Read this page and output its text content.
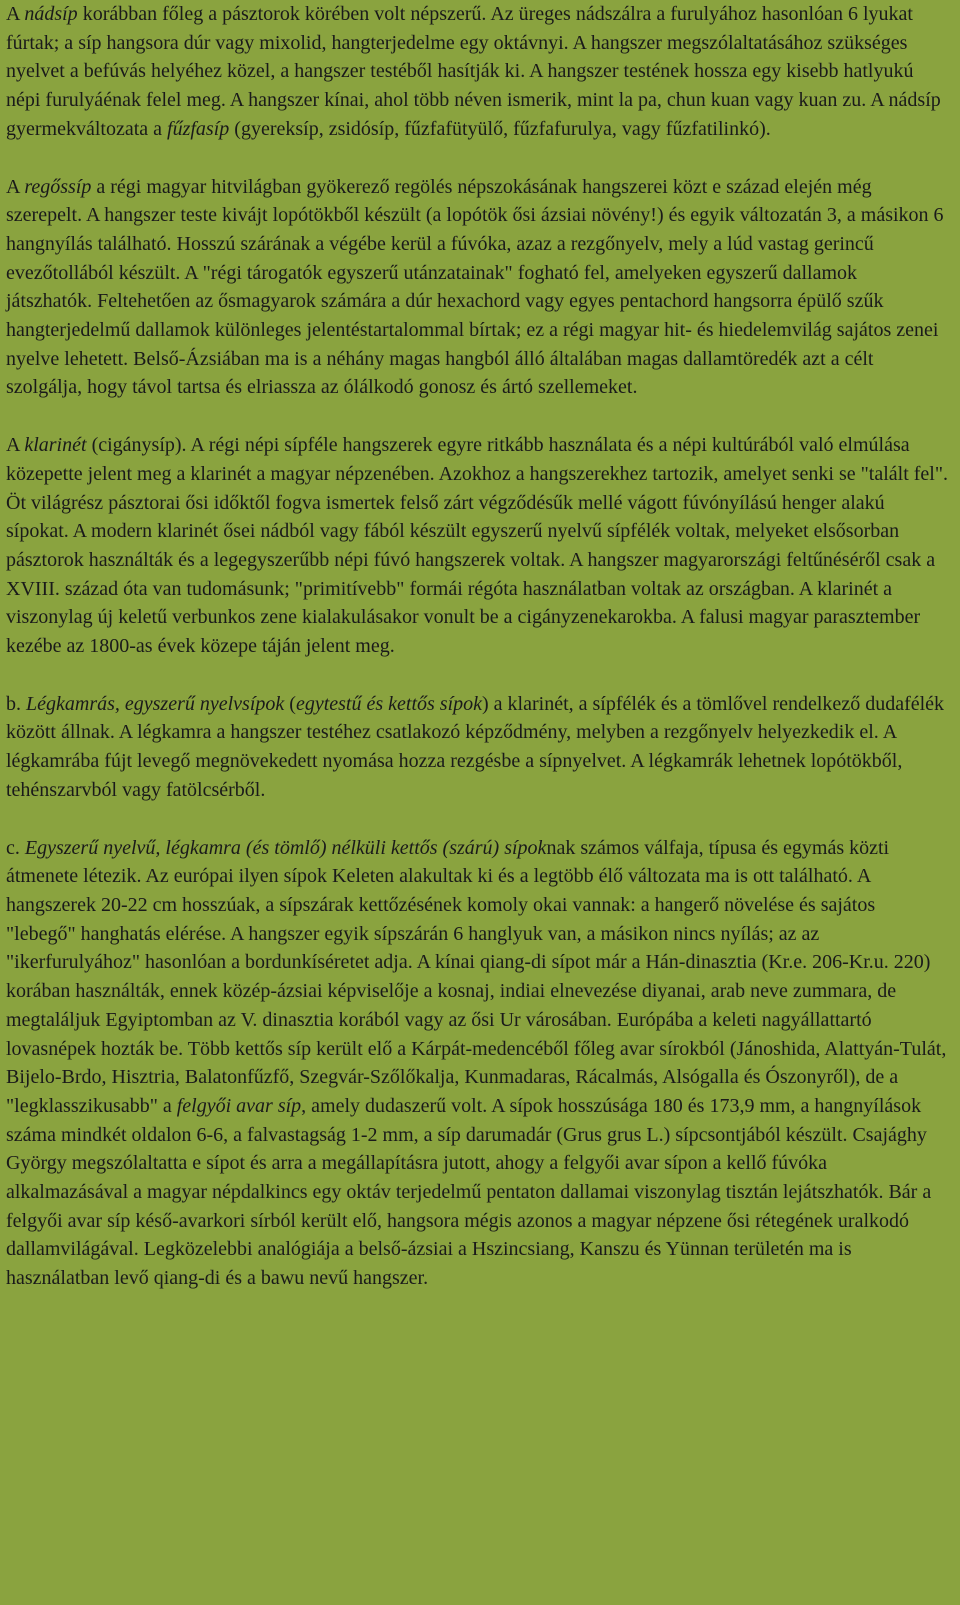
A nádsíp korábban főleg a pásztorok körében volt népszerű. Az üreges nádszálra a furulyához hasonlóan 6 lyukat fúrtak; a síp hangsora dúr vagy mixolid, hangterjedelme egy oktávnyi. A hangszer megszólaltatásához szükséges nyelvet a befúvás helyéhez közel, a hangszer testéből hasítják ki. A hangszer testének hossza egy kisebb hatlyukú népi furulyáénak felel meg. A hangszer kínai, ahol több néven ismerik, mint la pa, chun kuan vagy kuan zu. A nádsíp gyermekváltozata a fűzfasíp (gyereksíp, zsidósíp, fűzfafütyülő, fűzfafurulya, vagy fűzfatilinkó).

A regőssíp a régi magyar hitvilágban gyökerező regölés népszokásának hangszerei közt e század elején még szerepelt. A hangszer teste kivájt lopótökből készült (a lopótök ősi ázsiai növény!) és egyik változatán 3, a másikon 6 hangnyílás található. Hosszú szárának a végébe kerül a fúvóka, azaz a rezgőnyelv, mely a lúd vastag gerincű evezőtollából készült. A "régi tárogatók egyszerű utánzatainak" fogható fel, amelyeken egyszerű dallamok játszhatók. Feltehetően az ősmagyarok számára a dúr hexachord vagy egyes pentachord hangsorra épülő szűk hangterjedelmű dallamok különleges jelentéstartalommal bírtak; ez a régi magyar hit- és hiedelemvilág sajátos zenei nyelve lehetett. Belső-Ázsiában ma is a néhány magas hangból álló általában magas dallamtöredék azt a célt szolgálja, hogy távol tartsa és elriassza az ólálkodó gonosz és ártó szellemeket.

A klarinét (cigánysíp). A régi népi sípféle hangszerek egyre ritkább használata és a népi kultúrából való elmúlása közepette jelent meg a klarinét a magyar népzenében. Azokhoz a hangszerekhez tartozik, amelyet senki se "talált fel". Öt világrész pásztorai ősi időktől fogva ismertek felső zárt végződésűk mellé vágott fúvónyílású henger alakú sípokat. A modern klarinét ősei nádból vagy fából készült egyszerű nyelvű sípfélék voltak, melyeket elsősorban pásztorok használták és a legegyszerűbb népi fúvó hangszerek voltak. A hangszer magyarországi feltűnéséről csak a XVIII. század óta van tudomásunk; "primitívebb" formái régóta használatban voltak az országban. A klarinét a viszonylag új keletű verbunkos zene kialakulásakor vonult be a cigányzenekarokba. A falusi magyar parasztember kezébe az 1800-as évek közepe táján jelent meg.

b. Légkamrás, egyszerű nyelvsípok (egytestű és kettős sípok) a klarinét, a sípfélék és a tömlővel rendelkező dudafélék között állnak. A légkamra a hangszer testéhez csatlakozó képződmény, melyben a rezgőnyelv helyezkedik el. A légkamrába fújt levegő megnövekedett nyomása hozza rezgésbe a sípnyelvet. A légkamrák lehetnek lopótökből, tehénszarvból vagy fatölcsérből.

c. Egyszerű nyelvű, légkamra (és tömlő) nélküli kettős (szárú) sípoknak számos válfaja, típusa és egymás közti átmenete létezik. Az európai ilyen sípok Keleten alakultak ki és a legtöbb élő változata ma is ott található. A hangszerek 20-22 cm hosszúak, a sípszárak kettőzésének komoly okai vannak: a hangerő növelése és sajátos "lebegő" hanghatás elérése. A hangszer egyik sípszárán 6 hanglyuk van, a másikon nincs nyílás; az az "ikerfurulyához" hasonlóan a bordunkíséretet adja. A kínai qiang-di sípot már a Hán-dinasztia (Kr.e. 206-Kr.u. 220) korában használták, ennek közép-ázsiai képviselője a kosnaj, indiai elnevezése diyanai, arab neve zummara, de megtaláljuk Egyiptomban az V. dinasztia korából vagy az ősi Ur városában. Európába a keleti nagyállattartó lovasnépek hozták be. Több kettős síp került elő a Kárpát-medencéből főleg avar sírokból (Jánoshida, Alattyán-Tulát, Bijelo-Brdo, Hisztria, Balatonfűzfő, Szegvár-Szőlőkalja, Kunmadaras, Rácalmás, Alsógalla és Ószonyről), de a "legklasszikusabb" a felgyői avar síp, amely dudaszerű volt. A sípok hosszúsága 180 és 173,9 mm, a hangnyílások száma mindkét oldalon 6-6, a falvastagság 1-2 mm, a síp darumadár (Grus grus L.) sípcsontjából készült. Csajághy György megszólaltatta e sípot és arra a megállapításra jutott, ahogy a felgyői avar sípon a kellő fúvóka alkalmazásával a magyar népdalkincs egy oktáv terjedelmű pentaton dallamai viszonylag tisztán lejátszhatók. Bár a felgyői avar síp késő-avarkori sírból került elő, hangsora mégis azonos a magyar népzene ősi rétegének uralkodó dallamvilágával. Legközelebbi analógiája a belső-ázsiai a Hszincsiang, Kanszu és Yünnan területén ma is használatban levő qiang-di és a bawu nevű hangszer.
